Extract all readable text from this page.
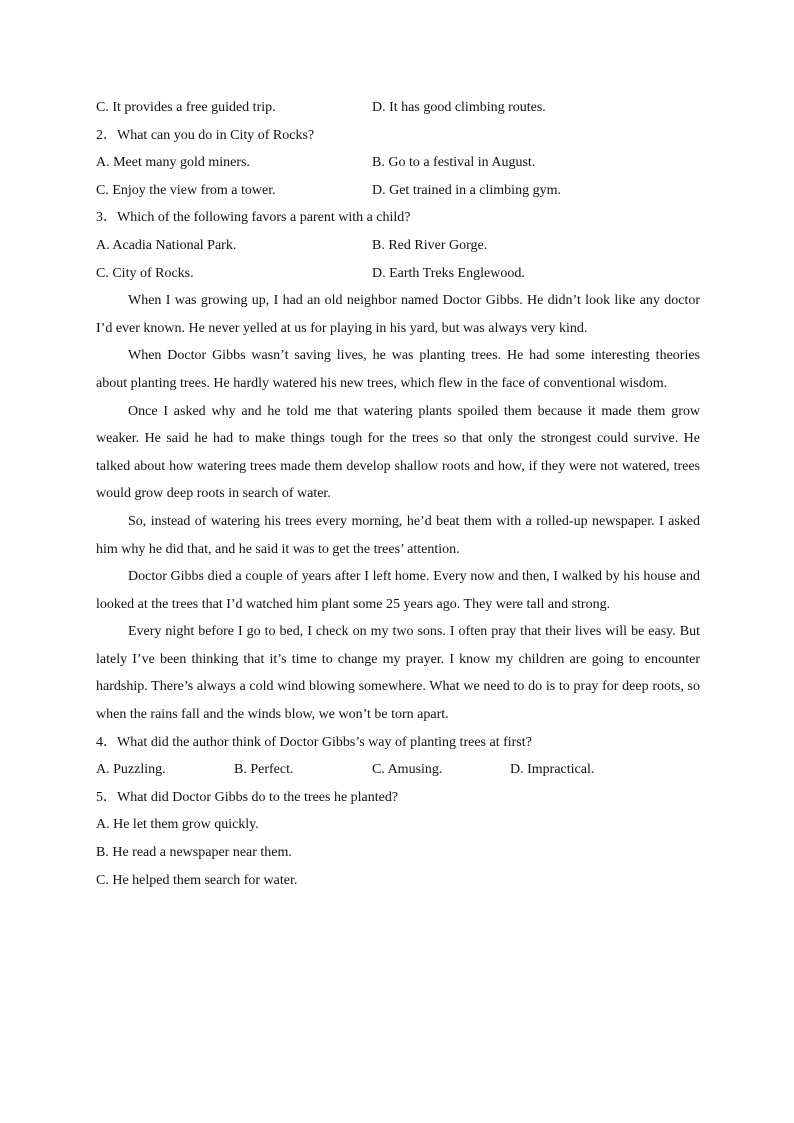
C. It provides a free guided trip.	D. It has good climbing routes.
2．What can you do in City of Rocks?
A. Meet many gold miners.	B. Go to a festival in August.
C. Enjoy the view from a tower.	D. Get trained in a climbing gym.
3．Which of the following favors a parent with a child?
A. Acadia National Park.	B. Red River Gorge.
C. City of Rocks.	D. Earth Treks Englewood.

When I was growing up, I had an old neighbor named Doctor Gibbs. He didn’t look like any doctor I’d ever known. He never yelled at us for playing in his yard, but was always very kind.

When Doctor Gibbs wasn’t saving lives, he was planting trees. He had some interesting theories about planting trees. He hardly watered his new trees, which flew in the face of conventional wisdom.

Once I asked why and he told me that watering plants spoiled them because it made them grow weaker. He said he had to make things tough for the trees so that only the strongest could survive. He talked about how watering trees made them develop shallow roots and how, if they were not watered, trees would grow deep roots in search of water.

So, instead of watering his trees every morning, he’d beat them with a rolled-up newspaper. I asked him why he did that, and he said it was to get the trees’ attention.

Doctor Gibbs died a couple of years after I left home. Every now and then, I walked by his house and looked at the trees that I’d watched him plant some 25 years ago. They were tall and strong.

Every night before I go to bed, I check on my two sons. I often pray that their lives will be easy. But lately I’ve been thinking that it’s time to change my prayer. I know my children are going to encounter hardship. There’s always a cold wind blowing somewhere. What we need to do is to pray for deep roots, so when the rains fall and the winds blow, we won’t be torn apart.

4．What did the author think of Doctor Gibbs’s way of planting trees at first?
A. Puzzling.	B. Perfect.	C. Amusing.	D. Impractical.
5．What did Doctor Gibbs do to the trees he planted?
A. He let them grow quickly.
B. He read a newspaper near them.
C. He helped them search for water.
